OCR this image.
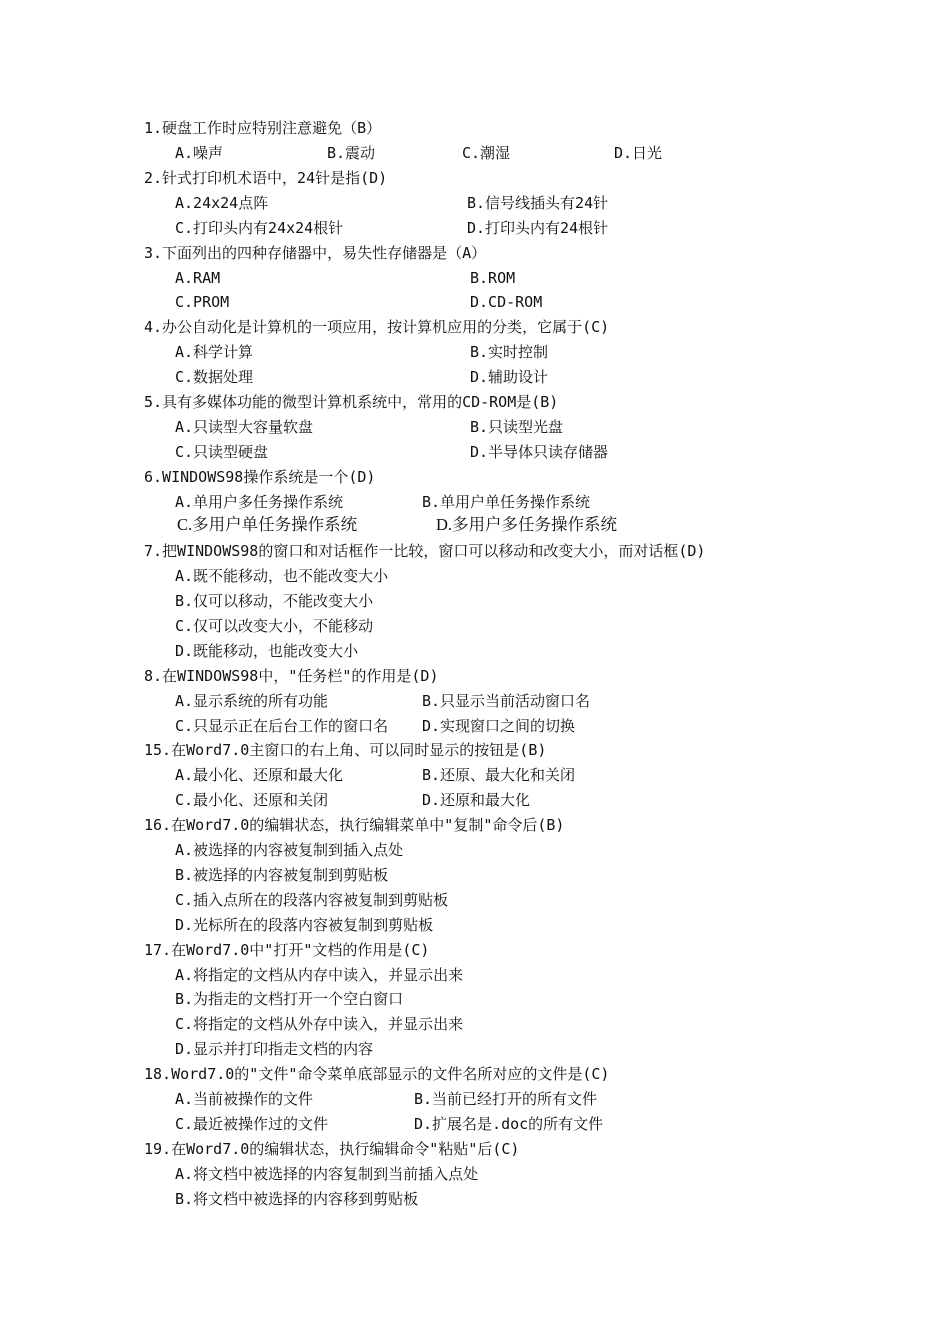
1.硬盘工作时应特别注意避免（B）
A.噪声	B.震动	C.潮湿	D.日光
2.针式打印机术语中，24针是指(D)
A.24x24点阵	B.信号线插头有24针
C.打印头内有24x24根针	D.打印头内有24根针
3.下面列出的四种存储器中，易失性存储器是（A）
A.RAM	B.ROM
C.PROM	D.CD-ROM
4.办公自动化是计算机的一项应用，按计算机应用的分类，它属于(C)
A.科学计算	B.实时控制
C.数据处理	D.辅助设计
5.具有多媒体功能的微型计算机系统中，常用的CD-ROM是(B)
A.只读型大容量软盘	B.只读型光盘
C.只读型硬盘	D.半导体只读存储器
6.WINDOWS98操作系统是一个(D)
A.单用户多任务操作系统	B.单用户单任务操作系统
C.多用户单任务操作系统	D.多用户多任务操作系统
7.把WINDOWS98的窗口和对话框作一比较，窗口可以移动和改变大小，而对话框(D)
A.既不能移动，也不能改变大小
B.仅可以移动，不能改变大小
C.仅可以改变大小，不能移动
D.既能移动，也能改变大小
8.在WINDOWS98中，"任务栏"的作用是(D)
A.显示系统的所有功能	B.只显示当前活动窗口名
C.只显示正在后台工作的窗口名 D.实现窗口之间的切换
15.在Word7.0主窗口的右上角、可以同时显示的按钮是(B)
A.最小化、还原和最大化	B.还原、最大化和关闭
C.最小化、还原和关闭	D.还原和最大化
16.在Word7.0的编辑状态，执行编辑菜单中"复制"命令后(B)
A.被选择的内容被复制到插入点处
B.被选择的内容被复制到剪贴板
C.插入点所在的段落内容被复制到剪贴板
D.光标所在的段落内容被复制到剪贴板
17.在Word7.0中"打开"文档的作用是(C)
A.将指定的文档从内存中读入，并显示出来
B.为指走的文档打开一个空白窗口
C.将指定的文档从外存中读入，并显示出来
D.显示并打印指走文档的内容
18.Word7.0的"文件"命令菜单底部显示的文件名所对应的文件是(C)
A.当前被操作的文件	B.当前已经打开的所有文件
C.最近被操作过的文件	D.扩展名是.doc的所有文件
19.在Word7.0的编辑状态，执行编辑命令"粘贴"后(C)
A.将文档中被选择的内容复制到当前插入点处
B.将文档中被选择的内容移到剪贴板
